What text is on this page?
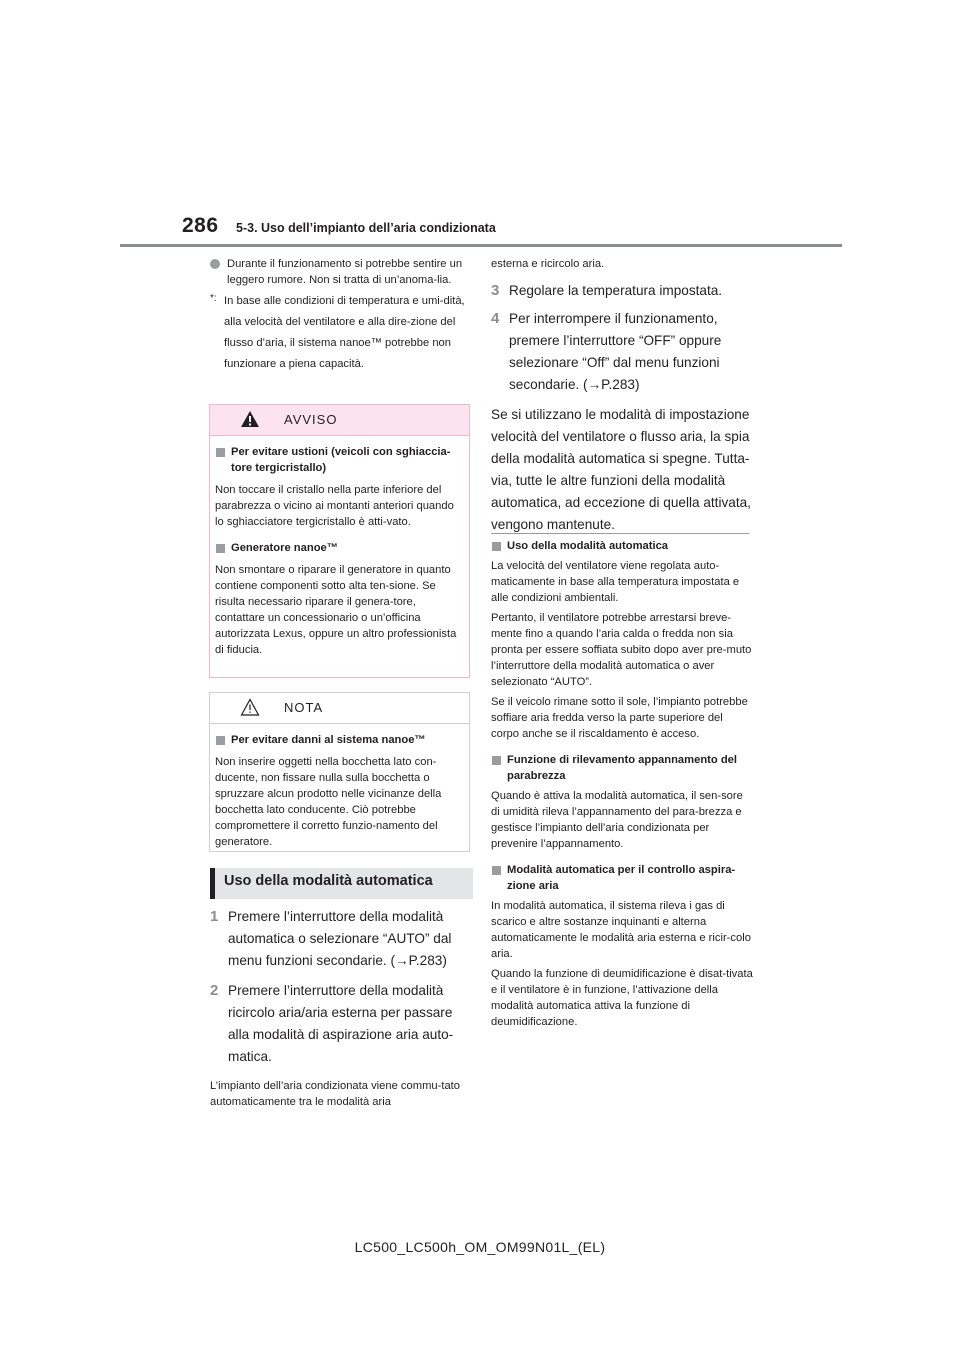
286 5-3. Uso dell’impianto dell’aria condizionata
Durante il funzionamento si potrebbe sentire un leggero rumore. Non si tratta di un’anoma-lia.
*: In base alle condizioni di temperatura e umi-dità, alla velocità del ventilatore e alla dire-zione del flusso d’aria, il sistema nanoe™ potrebbe non funzionare a piena capacità.
AVVISO
Per evitare ustioni (veicoli con sghiaccia-tore tergicristallo)
Non toccare il cristallo nella parte inferiore del parabrezza o vicino ai montanti anteriori quando lo sghiacciatore tergicristallo è atti-vato.
Generatore nanoe™
Non smontare o riparare il generatore in quanto contiene componenti sotto alta ten-sione. Se risulta necessario riparare il genera-tore, contattare un concessionario o un’officina autorizzata Lexus, oppure un altro professionista di fiducia.
NOTA
Per evitare danni al sistema nanoe™
Non inserire oggetti nella bocchetta lato con-ducente, non fissare nulla sulla bocchetta o spruzzare alcun prodotto nelle vicinanze della bocchetta lato conducente. Ciò potrebbe compromettere il corretto funzio-namento del generatore.
Uso della modalità automatica
1 Premere l’interruttore della modalità automatica o selezionare “AUTO” dal menu funzioni secondarie. (→P.283)
2 Premere l’interruttore della modalità ricircolo aria/aria esterna per passare alla modalità di aspirazione aria auto-matica.
L’impianto dell’aria condizionata viene commu-tato automaticamente tra le modalità aria
esterna e ricircolo aria.
3 Regolare la temperatura impostata.
4 Per interrompere il funzionamento, premere l’interruttore “OFF” oppure selezionare “Off” dal menu funzioni secondarie. (→P.283)
Se si utilizzano le modalità di impostazione velocità del ventilatore o flusso aria, la spia della modalità automatica si spegne. Tutta-via, tutte le altre funzioni della modalità automatica, ad eccezione di quella attivata, vengono mantenute.
Uso della modalità automatica
La velocità del ventilatore viene regolata auto-maticamente in base alla temperatura impostata e alle condizioni ambientali.
Pertanto, il ventilatore potrebbe arrestarsi breve-mente fino a quando l’aria calda o fredda non sia pronta per essere soffiata subito dopo aver pre-muto l’interruttore della modalità automatica o aver selezionato “AUTO”.
Se il veicolo rimane sotto il sole, l’impianto potrebbe soffiare aria fredda verso la parte superiore del corpo anche se il riscaldamento è acceso.
Funzione di rilevamento appannamento del parabrezza
Quando è attiva la modalità automatica, il sen-sore di umidità rileva l’appannamento del para-brezza e gestisce l’impianto dell’aria condizionata per prevenire l’appannamento.
Modalità automatica per il controllo aspira-zione aria
In modalità automatica, il sistema rileva i gas di scarico e altre sostanze inquinanti e alterna automaticamente le modalità aria esterna e ricir-colo aria.
Quando la funzione di deumidificazione è disat-tivata e il ventilatore è in funzione, l’attivazione della modalità automatica attiva la funzione di deumidificazione.
LC500_LC500h_OM_OM99N01L_(EL)
